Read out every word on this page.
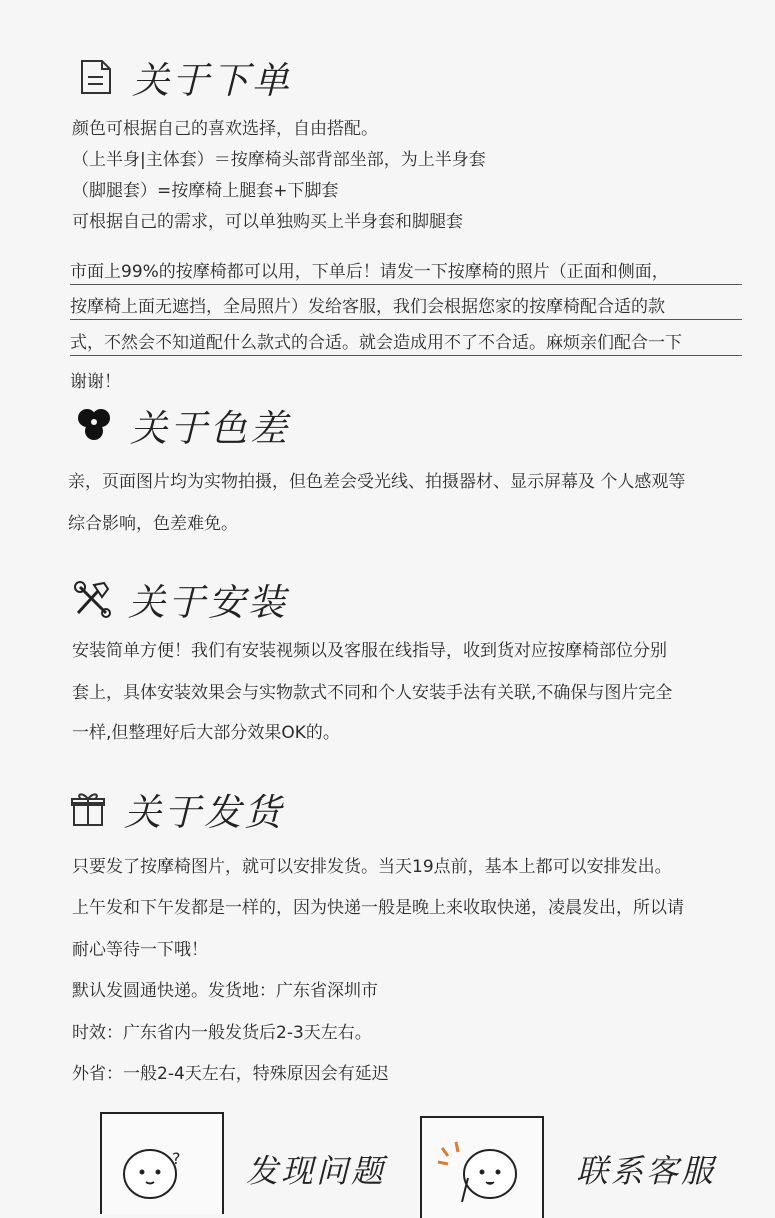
关于下单
颜色可根据自己的喜欢选择，自由搭配。
（上半身|主体套）＝按摩椅头部背部坐部，为上半身套
（脚腿套）=按摩椅上腿套+下脚套
可根据自己的需求，可以单独购买上半身套和脚腿套
市面上99%的按摩椅都可以用，下单后！请发一下按摩椅的照片（正面和侧面，
按摩椅上面无遮挡，全局照片）发给客服，我们会根据您家的按摩椅配合适的款
式，不然会不知道配什么款式的合适。就会造成用不了不合适。麻烦亲们配合一下
谢谢！
关于色差
亲，页面图片均为实物拍摄，但色差会受光线、拍摄器材、显示屏幕及 个人感观等
综合影响，色差难免。
关于安装
安装简单方便！我们有安装视频以及客服在线指导，收到货对应按摩椅部位分别
套上，具体安装效果会与实物款式不同和个人安装手法有关联,不确保与图片完全
一样,但整理好后大部分效果OK的。
关于发货
只要发了按摩椅图片，就可以安排发货。当天19点前，基本上都可以安排发出。
上午发和下午发都是一样的，因为快递一般是晚上来收取快递，凌晨发出，所以请
耐心等待一下哦！
默认发圆通快递。发货地：广东省深圳市
时效：广东省内一般发货后2-3天左右。
外省：一般2-4天左右，特殊原因会有延迟
? 发现问题	联系客服
